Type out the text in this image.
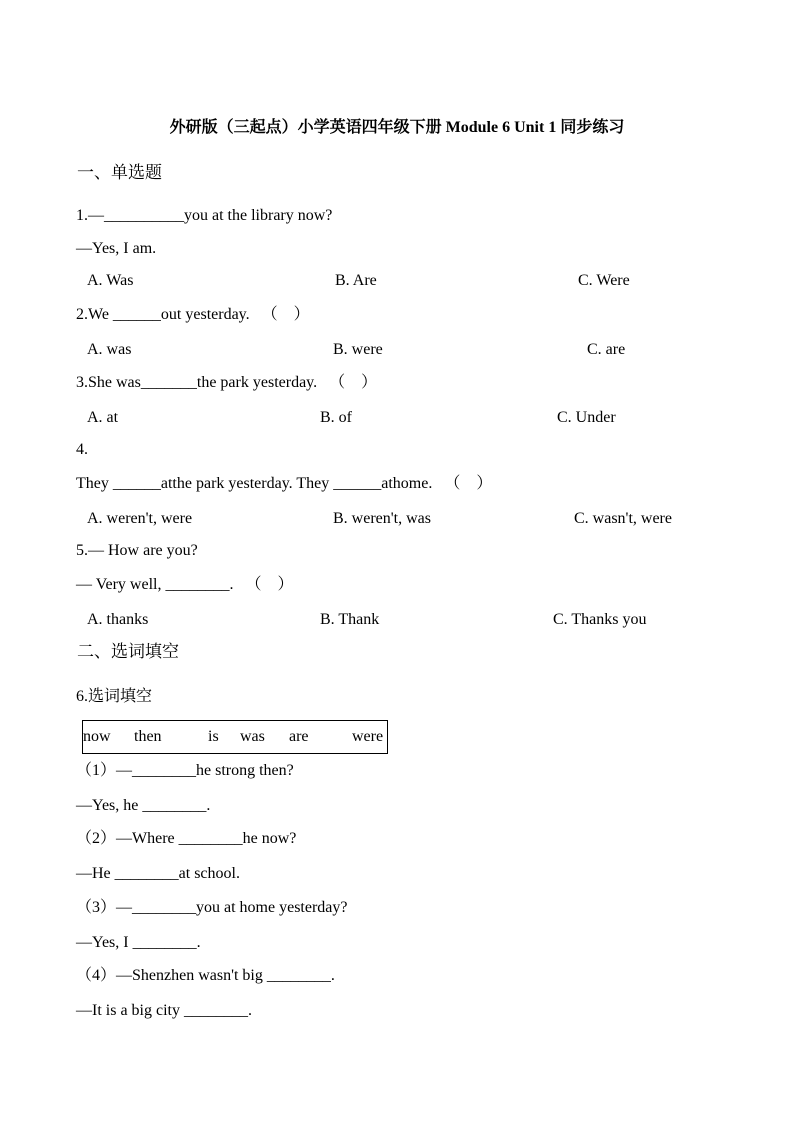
外研版（三起点）小学英语四年级下册 Module 6 Unit 1 同步练习
一、单选题
1.—__________you at the library now?
—Yes, I am.
A. Was	B. Are	C. Were
2.We ______out yesterday.   （    ）
A. was	B. were	C. are
3.She was_______the park yesterday.   （    ）
A. at	B. of	C. Under
4.
They ______atthe park yesterday. They ______athome.   （    ）
A. weren't, were	B. weren't, was	C. wasn't, were
5.— How are you?
— Very well, ________.   （    ）
A. thanks	B. Thank	C. Thanks you
二、选词填空
6.选词填空
now then	is was are	were
（1）—________he strong then?
—Yes, he ________.
（2）—Where ________he now?
—He ________at school.
（3）—________you at home yesterday?
—Yes, I ________.
（4）—Shenzhen wasn't big ________.
—It is a big city ________.
